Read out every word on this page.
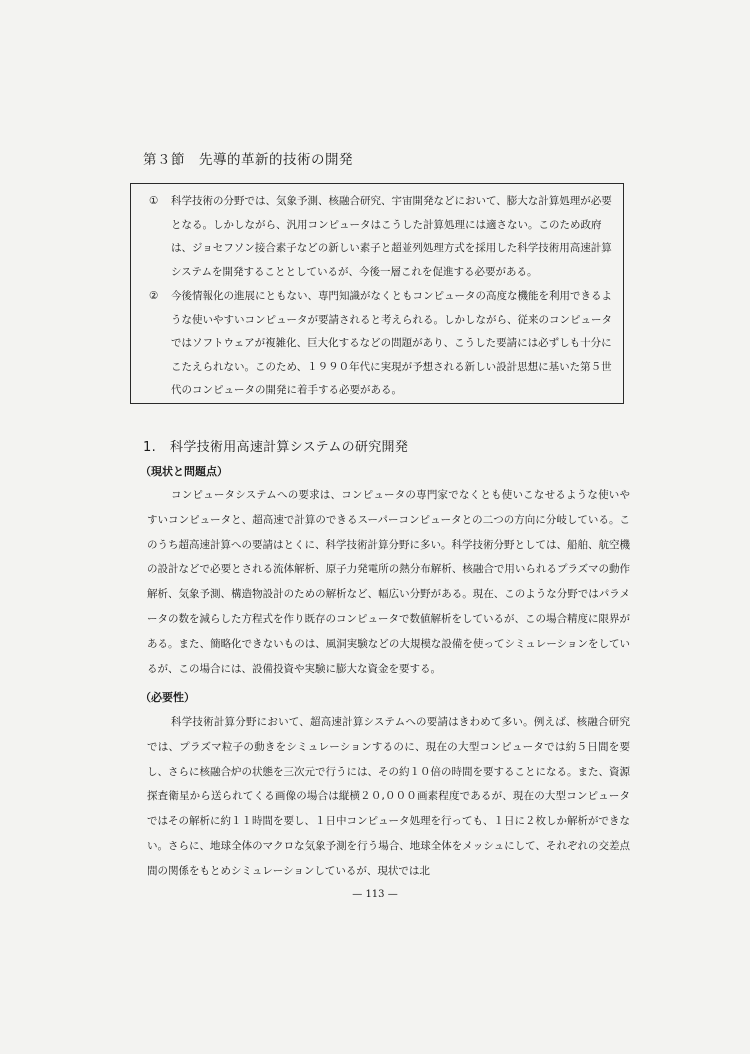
第３節　先導的革新的技術の開発
① 科学技術の分野では、気象予測、核融合研究、宇宙開発などにおいて、膨大な計算処理が必要となる。しかしながら、汎用コンピュータはこうした計算処理には適さない。このため政府は、ジョセフソン接合素子などの新しい素子と超並列処理方式を採用した科学技術用高速計算システムを開発することとしているが、今後一層これを促進する必要がある。
② 今後情報化の進展にともない、専門知識がなくともコンピュータの高度な機能を利用できるような使いやすいコンピュータが要請されると考えられる。しかしながら、従来のコンピュータではソフトウェアが複雑化、巨大化するなどの問題があり、こうした要請には必ずしも十分にこたえられない。このため、１９９０年代に実現が予想される新しい設計思想に基いた第５世代のコンピュータの開発に着手する必要がある。
1. 科学技術用高速計算システムの研究開発
（現状と問題点）
コンピュータシステムへの要求は、コンピュータの専門家でなくとも使いこなせるような使いやすいコンピュータと、超高速で計算のできるスーパーコンピュータとの二つの方向に分岐している。このうち超高速計算への要請はとくに、科学技術計算分野に多い。科学技術分野としては、船舶、航空機の設計などで必要とされる流体解析、原子力発電所の熱分布解析、核融合で用いられるプラズマの動作解析、気象予測、構造物設計のための解析など、幅広い分野がある。現在、このような分野ではパラメータの数を減らした方程式を作り既存のコンピュータで数値解析をしているが、この場合精度に限界がある。また、簡略化できないものは、風洞実験などの大規模な設備を使ってシミュレーションをしているが、この場合には、設備投資や実験に膨大な資金を要する。
（必要性）
科学技術計算分野において、超高速計算システムへの要請はきわめて多い。例えば、核融合研究では、プラズマ粒子の動きをシミュレーションするのに、現在の大型コンピュータでは約５日間を要し、さらに核融合炉の状態を三次元で行うには、その約１０倍の時間を要することになる。また、資源探査衛星から送られてくる画像の場合は縦横２０,０００画素程度であるが、現在の大型コンピュータではその解析に約１１時間を要し、１日中コンピュータ処理を行っても、１日に２枚しか解析ができない。さらに、地球全体のマクロな気象予測を行う場合、地球全体をメッシュにして、それぞれの交差点間の関係をもとめシミュレーションしているが、現状では北
— 113 —
